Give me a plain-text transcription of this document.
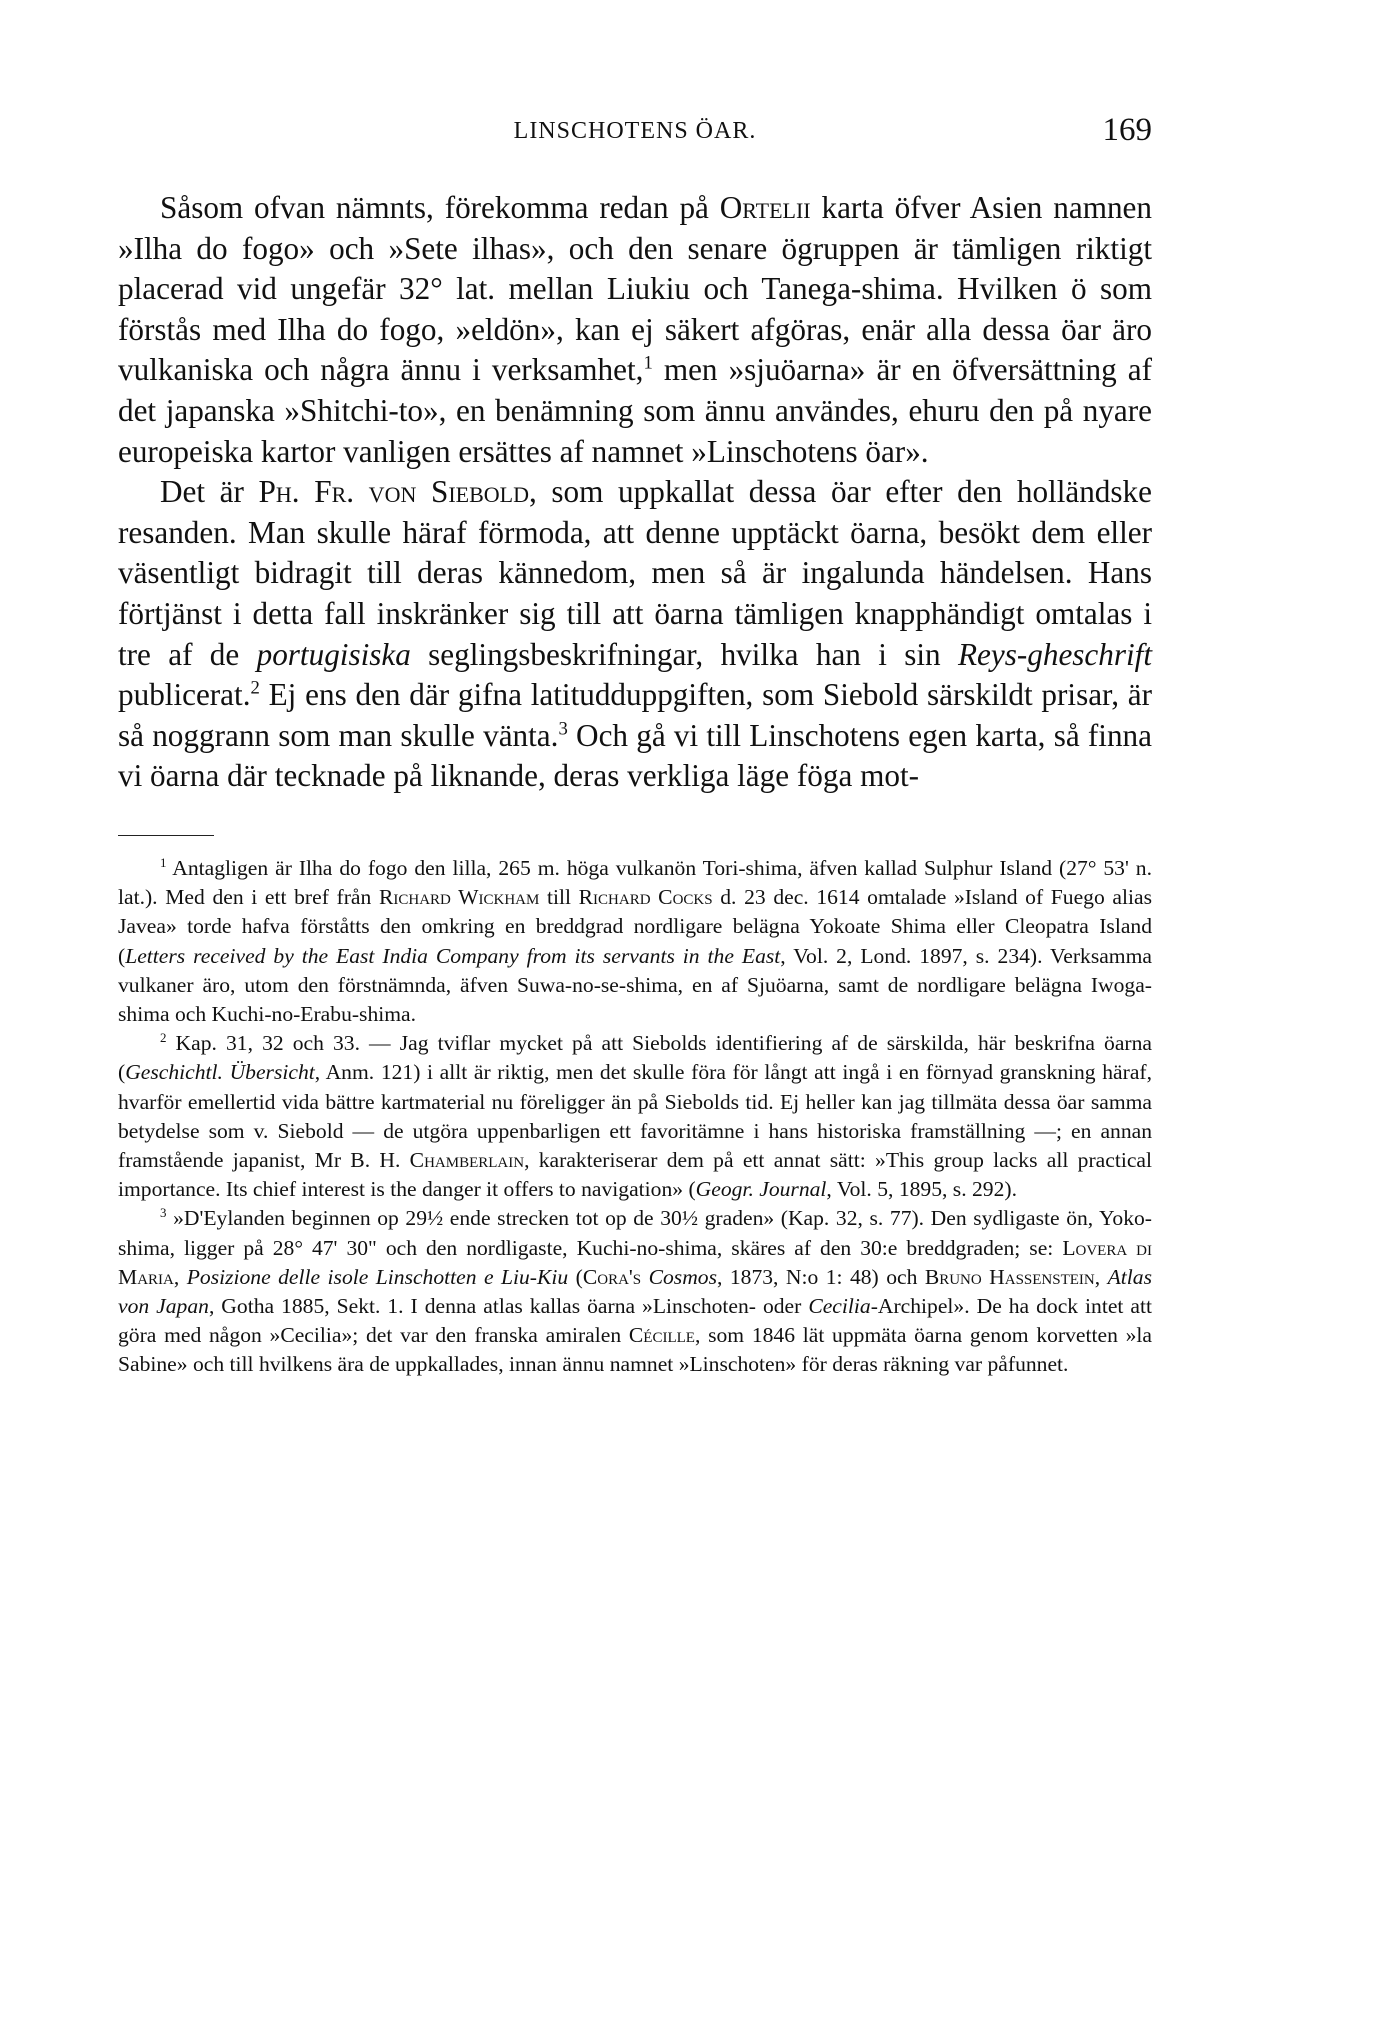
LINSCHOTENS ÖAR.	169

Såsom ofvan nämnts, förekomma redan på Ortelii karta öfver Asien namnen »Ilha do fogo» och »Sete ilhas», och den senare ögruppen är tämligen riktigt placerad vid ungefär 32° lat. mellan Liukiu och Tanega-shima. Hvilken ö som förstås med Ilha do fogo, »eldön», kan ej säkert afgöras, enär alla dessa öar äro vulkaniska och några ännu i verksamhet,$^1$ men »sjuöarna» är en öfversättning af det japanska »Shitchi-to», en benämning som ännu användes, ehuru den på nyare europeiska kartor vanligen ersättes af namnet »Linschotens öar».

Det är Ph. Fr. von Siebold, som uppkallat dessa öar efter den holländske resanden. Man skulle häraf förmoda, att denne upptäckt öarna, besökt dem eller väsentligt bidragit till deras kännedom, men så är ingalunda händelsen. Hans förtjänst i detta fall inskränker sig till att öarna tämligen knapphändigt omtalas i tre af de portugisiska seglingsbeskrifningar, hvilka han i sin Reys-gheschrift publicerat.$^2$ Ej ens den där gifna latitudduppgiften, som Siebold särskildt prisar, är så noggrann som man skulle vänta.$^3$ Och gå vi till Linschotens egen karta, så finna vi öarna där tecknade på liknande, deras verkliga läge föga mot-

$^1$ Antagligen är Ilha do fogo den lilla, 265 m. höga vulkanön Tori-shima, äfven kallad Sulphur Island (27° 53' n. lat.). Med den i ett bref från Richard Wickham till Richard Cocks d. 23 dec. 1614 omtalade »Island of Fuego alias Javea» torde hafva förståtts den omkring en breddgrad nordligare belägna Yokoate Shima eller Cleopatra Island (Letters received by the East India Company from its servants in the East, Vol. 2, Lond. 1897, s. 234). Verksamma vulkaner äro, utom den förstnämnda, äfven Suwa-no-se-shima, en af Sjuöarna, samt de nordligare belägna Iwoga-shima och Kuchi-no-Erabu-shima.

$^2$ Kap. 31, 32 och 33. — Jag tviflar mycket på att Siebolds identifiering af de särskilda, här beskrifna öarna (Geschichtl. Übersicht, Anm. 121) i allt är riktig, men det skulle föra för långt att ingå i en förnyad granskning häraf, hvarför emellertid vida bättre kartmaterial nu föreligger än på Siebolds tid. Ej heller kan jag tillmäta dessa öar samma betydelse som v. Siebold — de utgöra uppenbarligen ett favoritämne i hans historiska framställning —; en annan framstående japanist, Mr B. H. Chamberlain, karakteriserar dem på ett annat sätt: »This group lacks all practical importance. Its chief interest is the danger it offers to navigation» (Geogr. Journal, Vol. 5, 1895, s. 292).

$^3$ »D'Eylanden beginnen op 29½ ende strecken tot op de 30½ graden» (Kap. 32, s. 77). Den sydligaste ön, Yoko-shima, ligger på 28° 47' 30" och den nordligaste, Kuchi-no-shima, skäres af den 30:e breddgraden; se: Lovera di Maria, Posizione delle isole Linschotten e Liu-Kiu (Cora's Cosmos, 1873, N:o 1: 48) och Bruno Hassenstein, Atlas von Japan, Gotha 1885, Sekt. 1. I denna atlas kallas öarna »Linschoten- oder Cecilia-Archipel». De ha dock intet att göra med någon »Cecilia»; det var den franska amiralen Cécille, som 1846 lät uppmäta öarna genom korvetten »la Sabine» och till hvilkens ära de uppkallades, innan ännu namnet »Linschoten» för deras räkning var påfunnet.
